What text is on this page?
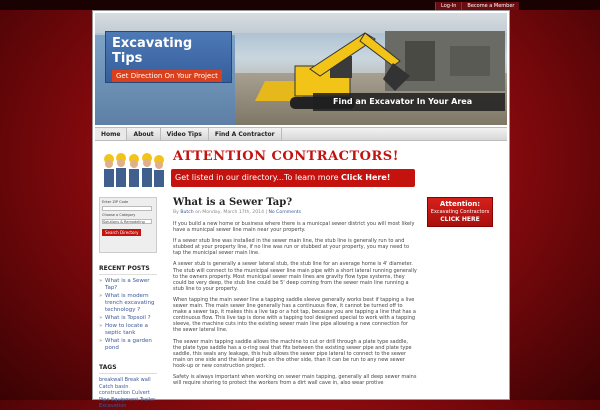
Log-In	Become a Member
Excavating Tips
Get Direction On Your Project
Find an Excavator In Your Area
Home	About	Video Tips	Find A Contractor
ATTENTION CONTRACTORS!
Get listed in our directory...To learn more Click Here!
Enter ZIP Code
Choose a Category
Solutions & Remodeling
Search Directory
RECENT POSTS
» What is a Sewer Tap?
» What is modern trench excavating technology ?
» What is Topsoil ?
» How to locate a septic tank
» What is a garden pond
TAGS
breakwall Break wall Catch basin construction Culvert Pipe Equipment Trailer Excavation
What is a Sewer Tap?
By Butch on Monday, March 17th, 2014 | No Comments

If you build a new home or business where there is a municpal sewer district you will most likely have a municpal sewer line main near your property.

If a sewer stub line was installed in the sewer main line, the stub line is generally run to and stubbed at your property line, if no line was run or stubbed at your property, you may need to tap the municipal sewer main line.

A sewer stub is generally a sewer lateral stub, the stub line for an average home is 4' diameter. The stub will connect to the municipal sewer line main pipe with a short lateral running generally to the owners property. Most municipal sewer main lines are gravity flow type systems, they could be very deep, the stub line could be 5' deep coming from the sewer main line running a stub line to your property.

When tapping the main sewer line a tapping saddle sleeve generally works best if tapping a live sewer main. The main sewer line generally has a continuous flow, it cannot be turned off to make a sewer tap, it makes this a live tap or a hot tap, because you are tapping a line that has a continuous flow. This live tap is done with a tapping tool designed special to work with a tapping sleeve, the machine cuts into the existing sewer main line pipe allowing a new connection for the sewer lateral line.

The sewer main tapping saddle allows the machine to cut or drill through a plate type saddle, the plate type saddle has a o-ring seal that fits between the existing sewer pipe and plate type saddle, this seals any leakage, this hub allows the sewer pipe lateral to connect to the sewer main on one side and the lateral pipe on the other side, than it can be run to any new sewer hook-up or new construction project.

Safety is always important when working on sewer main tapping, generally all deep sewer mains will require shoring to protect the workers from a dirt wall cave in, also wear protive

Attention:
Excavating Contractors
CLICK HERE
